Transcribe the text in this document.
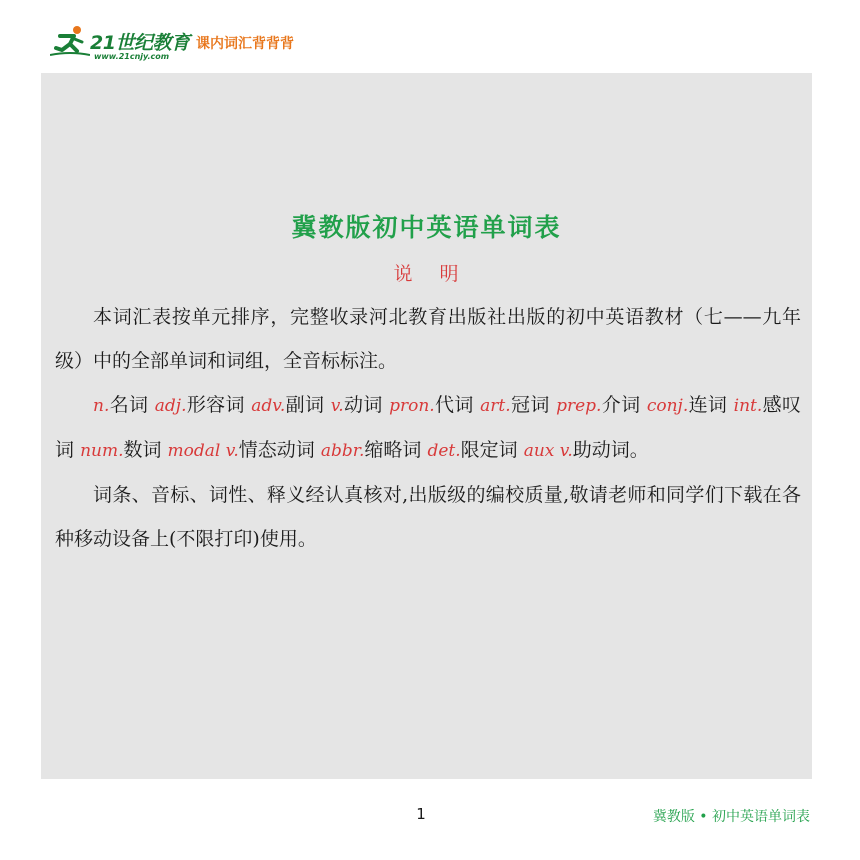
21世纪教育
www.21cnjy.com
课内词汇背背背
冀教版初中英语单词表
说 明

本词汇表按单元排序，完整收录河北教育出版社出版的初中英语教材（七——九年级）中的全部单词和词组，全音标标注。

n.名词 adj.形容词 adv.副词 v.动词 pron.代词 art.冠词 prep.介词 conj.连词 int.感叹词 num.数词 modal v.情态动词 abbr.缩略词 det.限定词 aux v.助动词。

词条、音标、词性、释义经认真核对,出版级的编校质量,敬请老师和同学们下载在各种移动设备上(不限打印)使用。

1	冀教版 • 初中英语单词表
